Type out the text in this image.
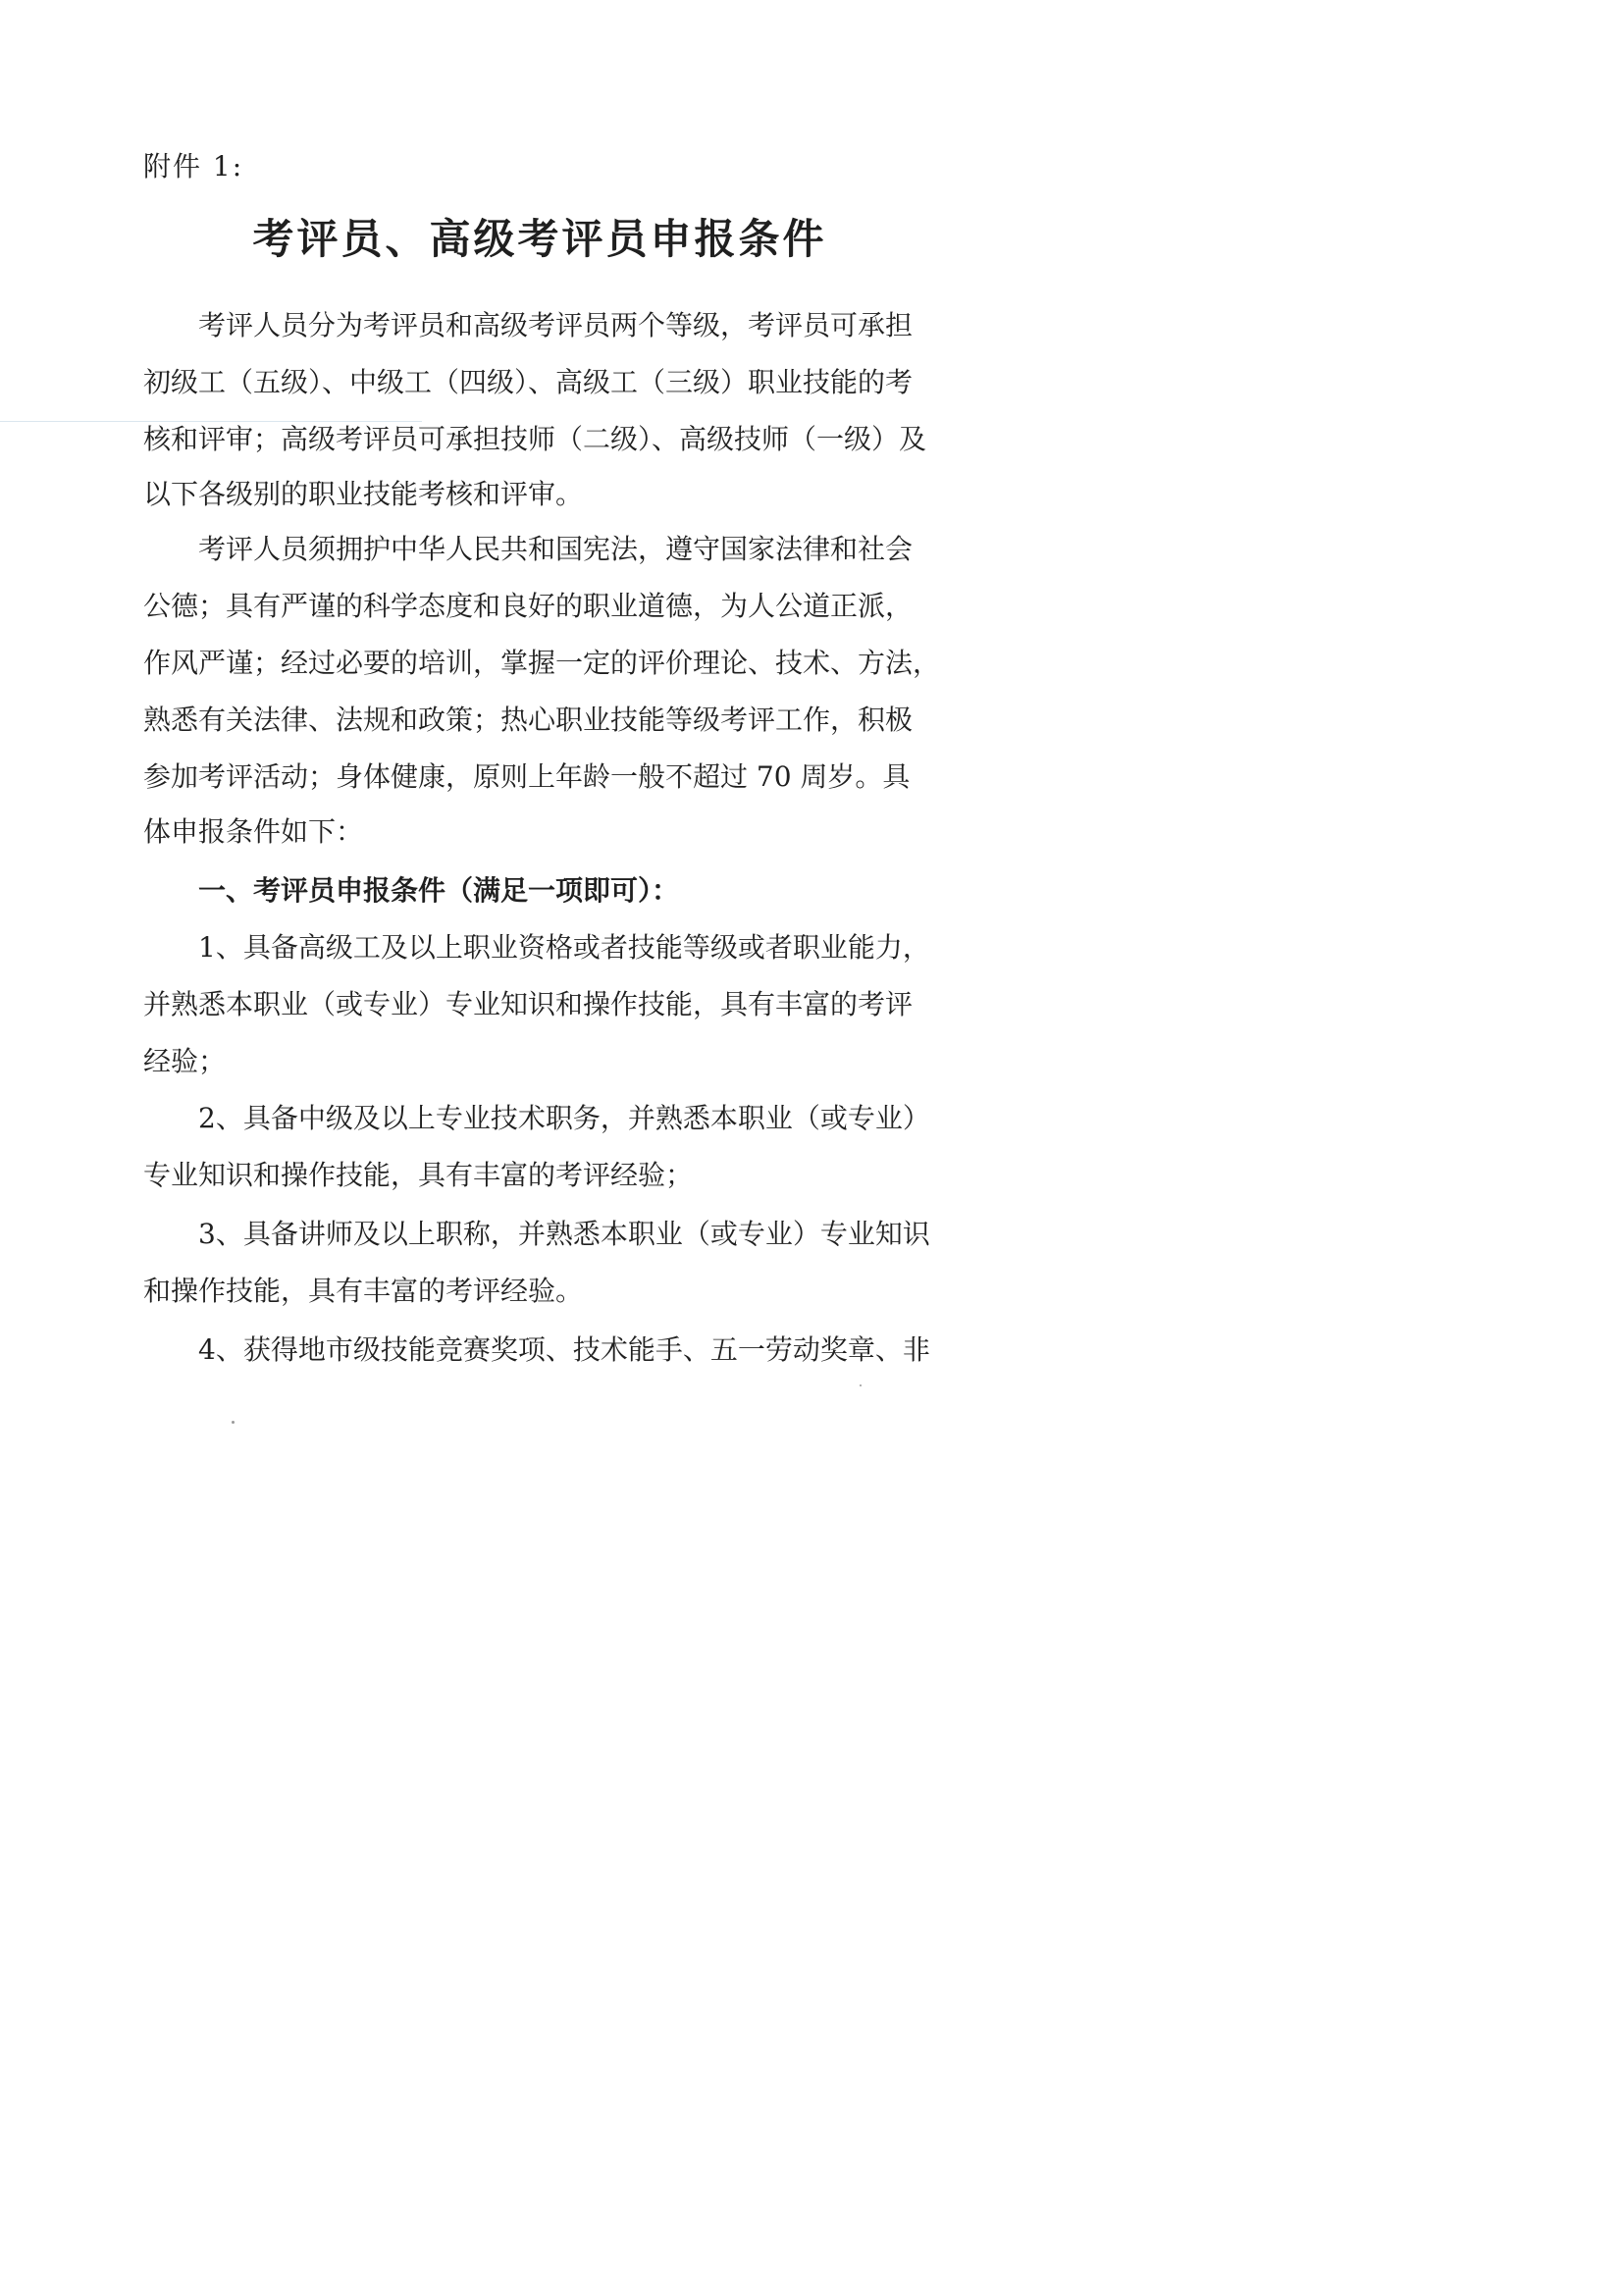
附件 1:
考评员、高级考评员申报条件
考评人员分为考评员和高级考评员两个等级，考评员可承担
初级工（五级）、中级工（四级）、高级工（三级）职业技能的考
核和评审；高级考评员可承担技师（二级）、高级技师（一级）及
以下各级别的职业技能考核和评审。
考评人员须拥护中华人民共和国宪法，遵守国家法律和社会
公德；具有严谨的科学态度和良好的职业道德，为人公道正派，
作风严谨；经过必要的培训，掌握一定的评价理论、技术、方法，
熟悉有关法律、法规和政策；热心职业技能等级考评工作，积极
参加考评活动；身体健康，原则上年龄一般不超过 70 周岁。具
体申报条件如下：
一、考评员申报条件（满足一项即可）：
1、具备高级工及以上职业资格或者技能等级或者职业能力，
并熟悉本职业（或专业）专业知识和操作技能，具有丰富的考评
经验；
2、具备中级及以上专业技术职务，并熟悉本职业（或专业）
专业知识和操作技能，具有丰富的考评经验；
3、具备讲师及以上职称，并熟悉本职业（或专业）专业知识
和操作技能，具有丰富的考评经验。
4、获得地市级技能竞赛奖项、技术能手、五一劳动奖章、非
